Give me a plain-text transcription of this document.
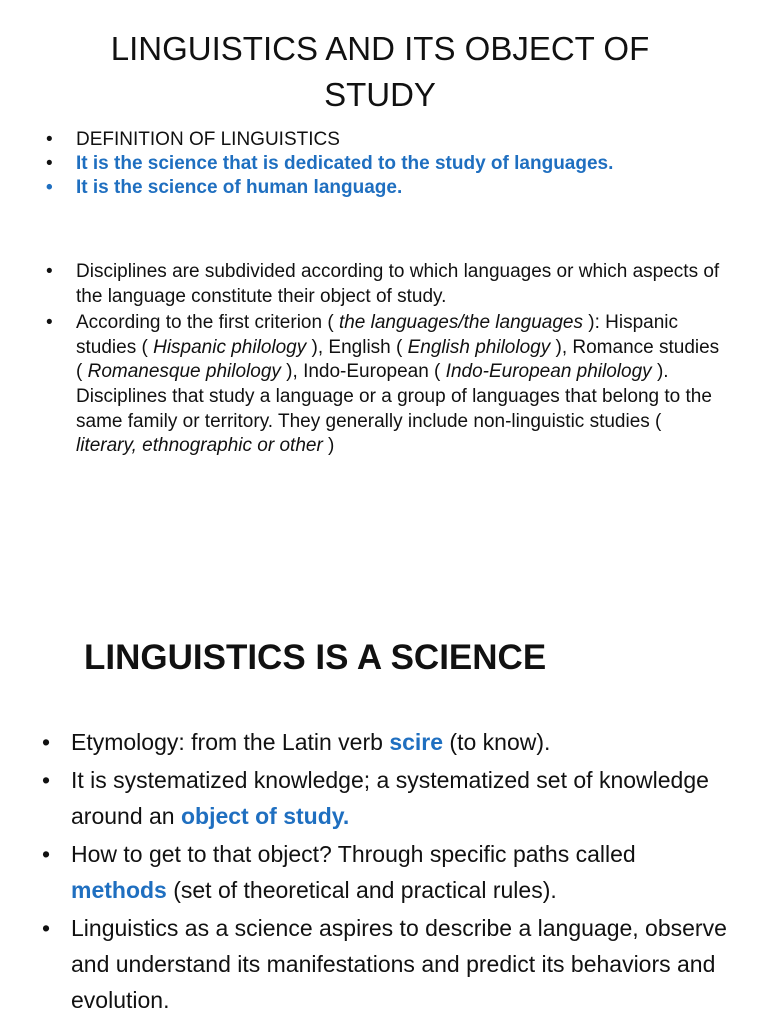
LINGUISTICS AND ITS OBJECT OF STUDY
• DEFINITION OF LINGUISTICS
• It is the science that is dedicated to the study of languages.
• It is the science of human language.
• Disciplines are subdivided according to which languages or which aspects of the language constitute their object of study.
• According to the first criterion ( the languages/the languages ): Hispanic studies ( Hispanic philology ), English ( English philology ), Romance studies ( Romanesque philology ), Indo-European ( Indo-European philology ). Disciplines that study a language or a group of languages that belong to the same family or territory. They generally include non-linguistic studies ( literary, ethnographic or other )
LINGUISTICS IS A SCIENCE
• Etymology: from the Latin verb scire (to know).
• It is systematized knowledge; a systematized set of knowledge around an object of study.
• How to get to that object? Through specific paths called methods (set of theoretical and practical rules).
• Linguistics as a science aspires to describe a language, observe and understand its manifestations and predict its behaviors and evolution.
